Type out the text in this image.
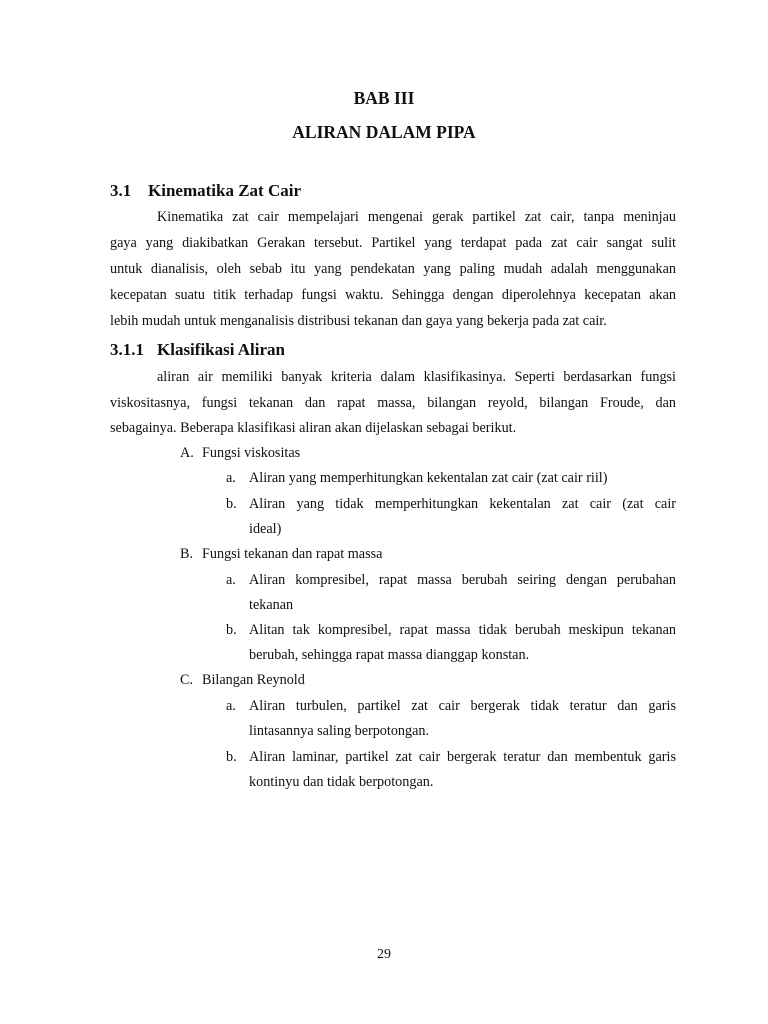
BAB III
ALIRAN DALAM PIPA
3.1 Kinematika Zat Cair
Kinematika zat cair mempelajari mengenai gerak partikel zat cair, tanpa meninjau
gaya yang diakibatkan Gerakan tersebut. Partikel yang terdapat pada zat cair sangat sulit
untuk dianalisis, oleh sebab itu yang pendekatan yang paling mudah adalah menggunakan
kecepatan suatu titik terhadap fungsi waktu. Sehingga dengan diperolehnya kecepatan akan
lebih mudah untuk menganalisis distribusi tekanan dan gaya yang bekerja pada zat cair.
3.1.1 Klasifikasi Aliran
aliran air memiliki banyak kriteria dalam klasifikasinya. Seperti berdasarkan fungsi
viskositasnya, fungsi tekanan dan rapat massa, bilangan reyold, bilangan Froude, dan
sebagainya. Beberapa klasifikasi aliran akan dijelaskan sebagai berikut.
A. Fungsi viskositas
a. Aliran yang memperhitungkan kekentalan zat cair (zat cair riil)
b. Aliran yang tidak memperhitungkan kekentalan zat cair (zat cair
ideal)
B. Fungsi tekanan dan rapat massa
a. Aliran kompresibel, rapat massa berubah seiring dengan perubahan
tekanan
b. Alitan tak kompresibel, rapat massa tidak berubah meskipun tekanan
berubah, sehingga rapat massa dianggap konstan.
C. Bilangan Reynold
a. Aliran turbulen, partikel zat cair bergerak tidak teratur dan garis
lintasannya saling berpotongan.
b. Aliran laminar, partikel zat cair bergerak teratur dan membentuk garis
kontinyu dan tidak berpotongan.
29
